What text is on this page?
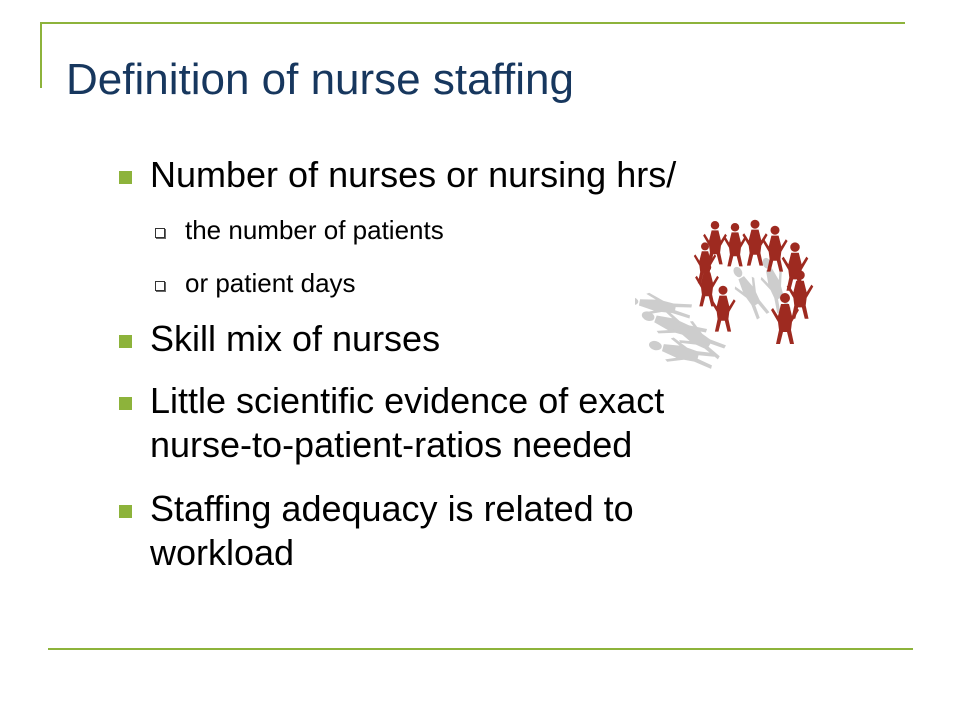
Definition of nurse staffing
Number of nurses or nursing hrs/
the number of patients
or patient days
Skill mix of nurses
Little scientific evidence of exact
nurse-to-patient-ratios needed
Staffing adequacy is related to
workload
